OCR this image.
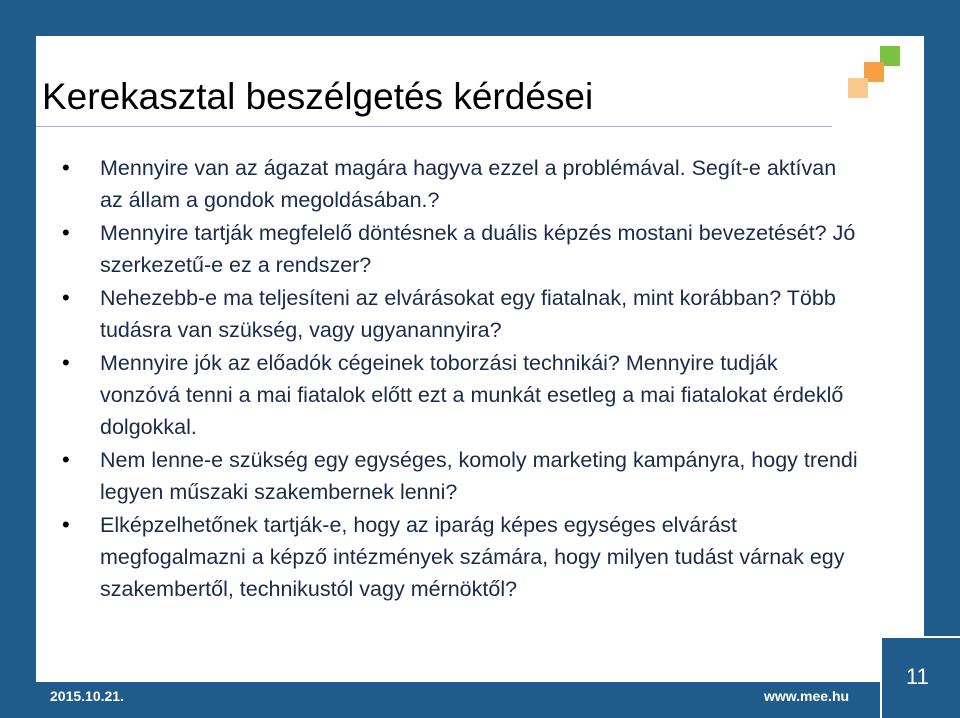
Kerekasztal beszélgetés kérdései
• Mennyire van az ágazat magára hagyva ezzel a problémával. Segít-e aktívan az állam a gondok megoldásában.?
• Mennyire tartják megfelelő döntésnek a duális képzés mostani bevezetését? Jó szerkezetű-e ez a rendszer?
• Nehezebb-e ma teljesíteni az elvárásokat egy fiatalnak, mint korábban? Több tudásra van szükség, vagy ugyanannyira?
• Mennyire jók az előadók cégeinek toborzási technikái? Mennyire tudják vonzóvá tenni a mai fiatalok előtt ezt a munkát esetleg a mai fiatalokat érdeklő dolgokkal.
• Nem lenne-e szükség egy egységes, komoly marketing kampányra, hogy trendi legyen műszaki szakembernek lenni?
• Elképzelhetőnek tartják-e, hogy az iparág képes egységes elvárást megfogalmazni a képző intézmények számára, hogy milyen tudást várnak egy szakembertől, technikustól vagy mérnöktől?
2015.10.21.	www.mee.hu
11
